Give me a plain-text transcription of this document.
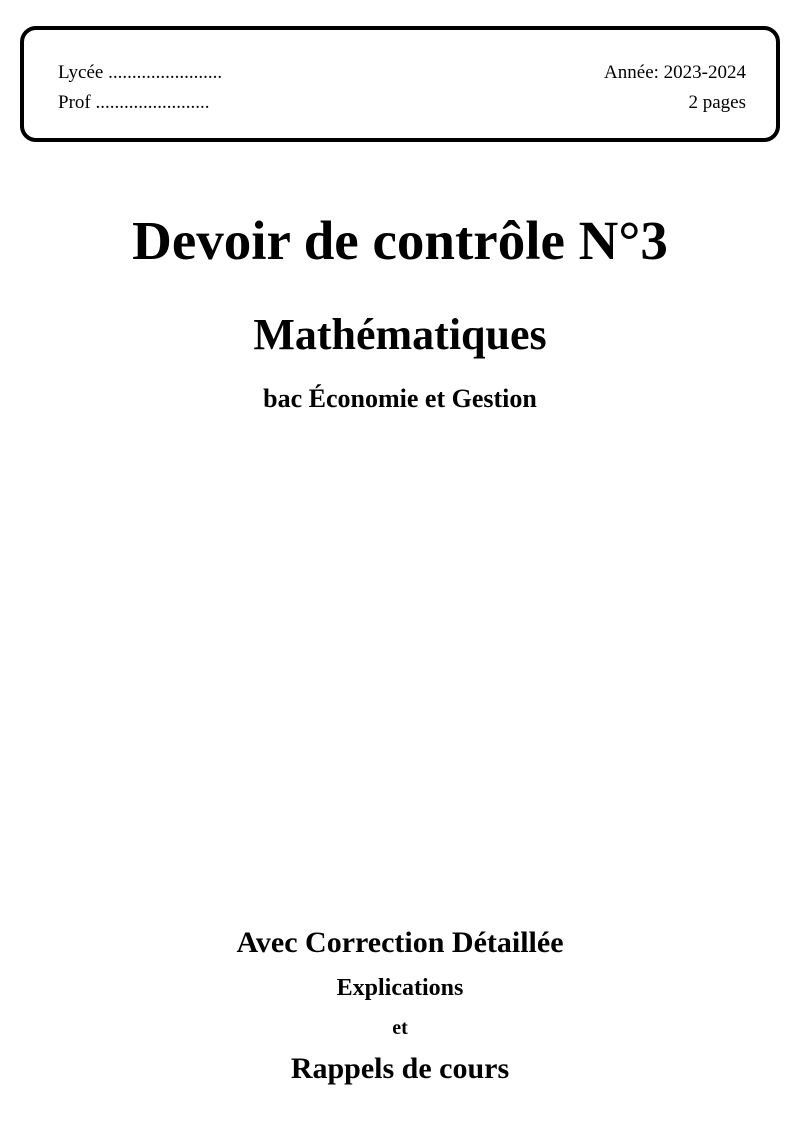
Lycée ........................	Année: 2023-2024
Prof ........................	2 pages
Devoir de contrôle N°3
Mathématiques
bac Économie et Gestion
Avec Correction Détaillée
Explications
et
Rappels de cours
